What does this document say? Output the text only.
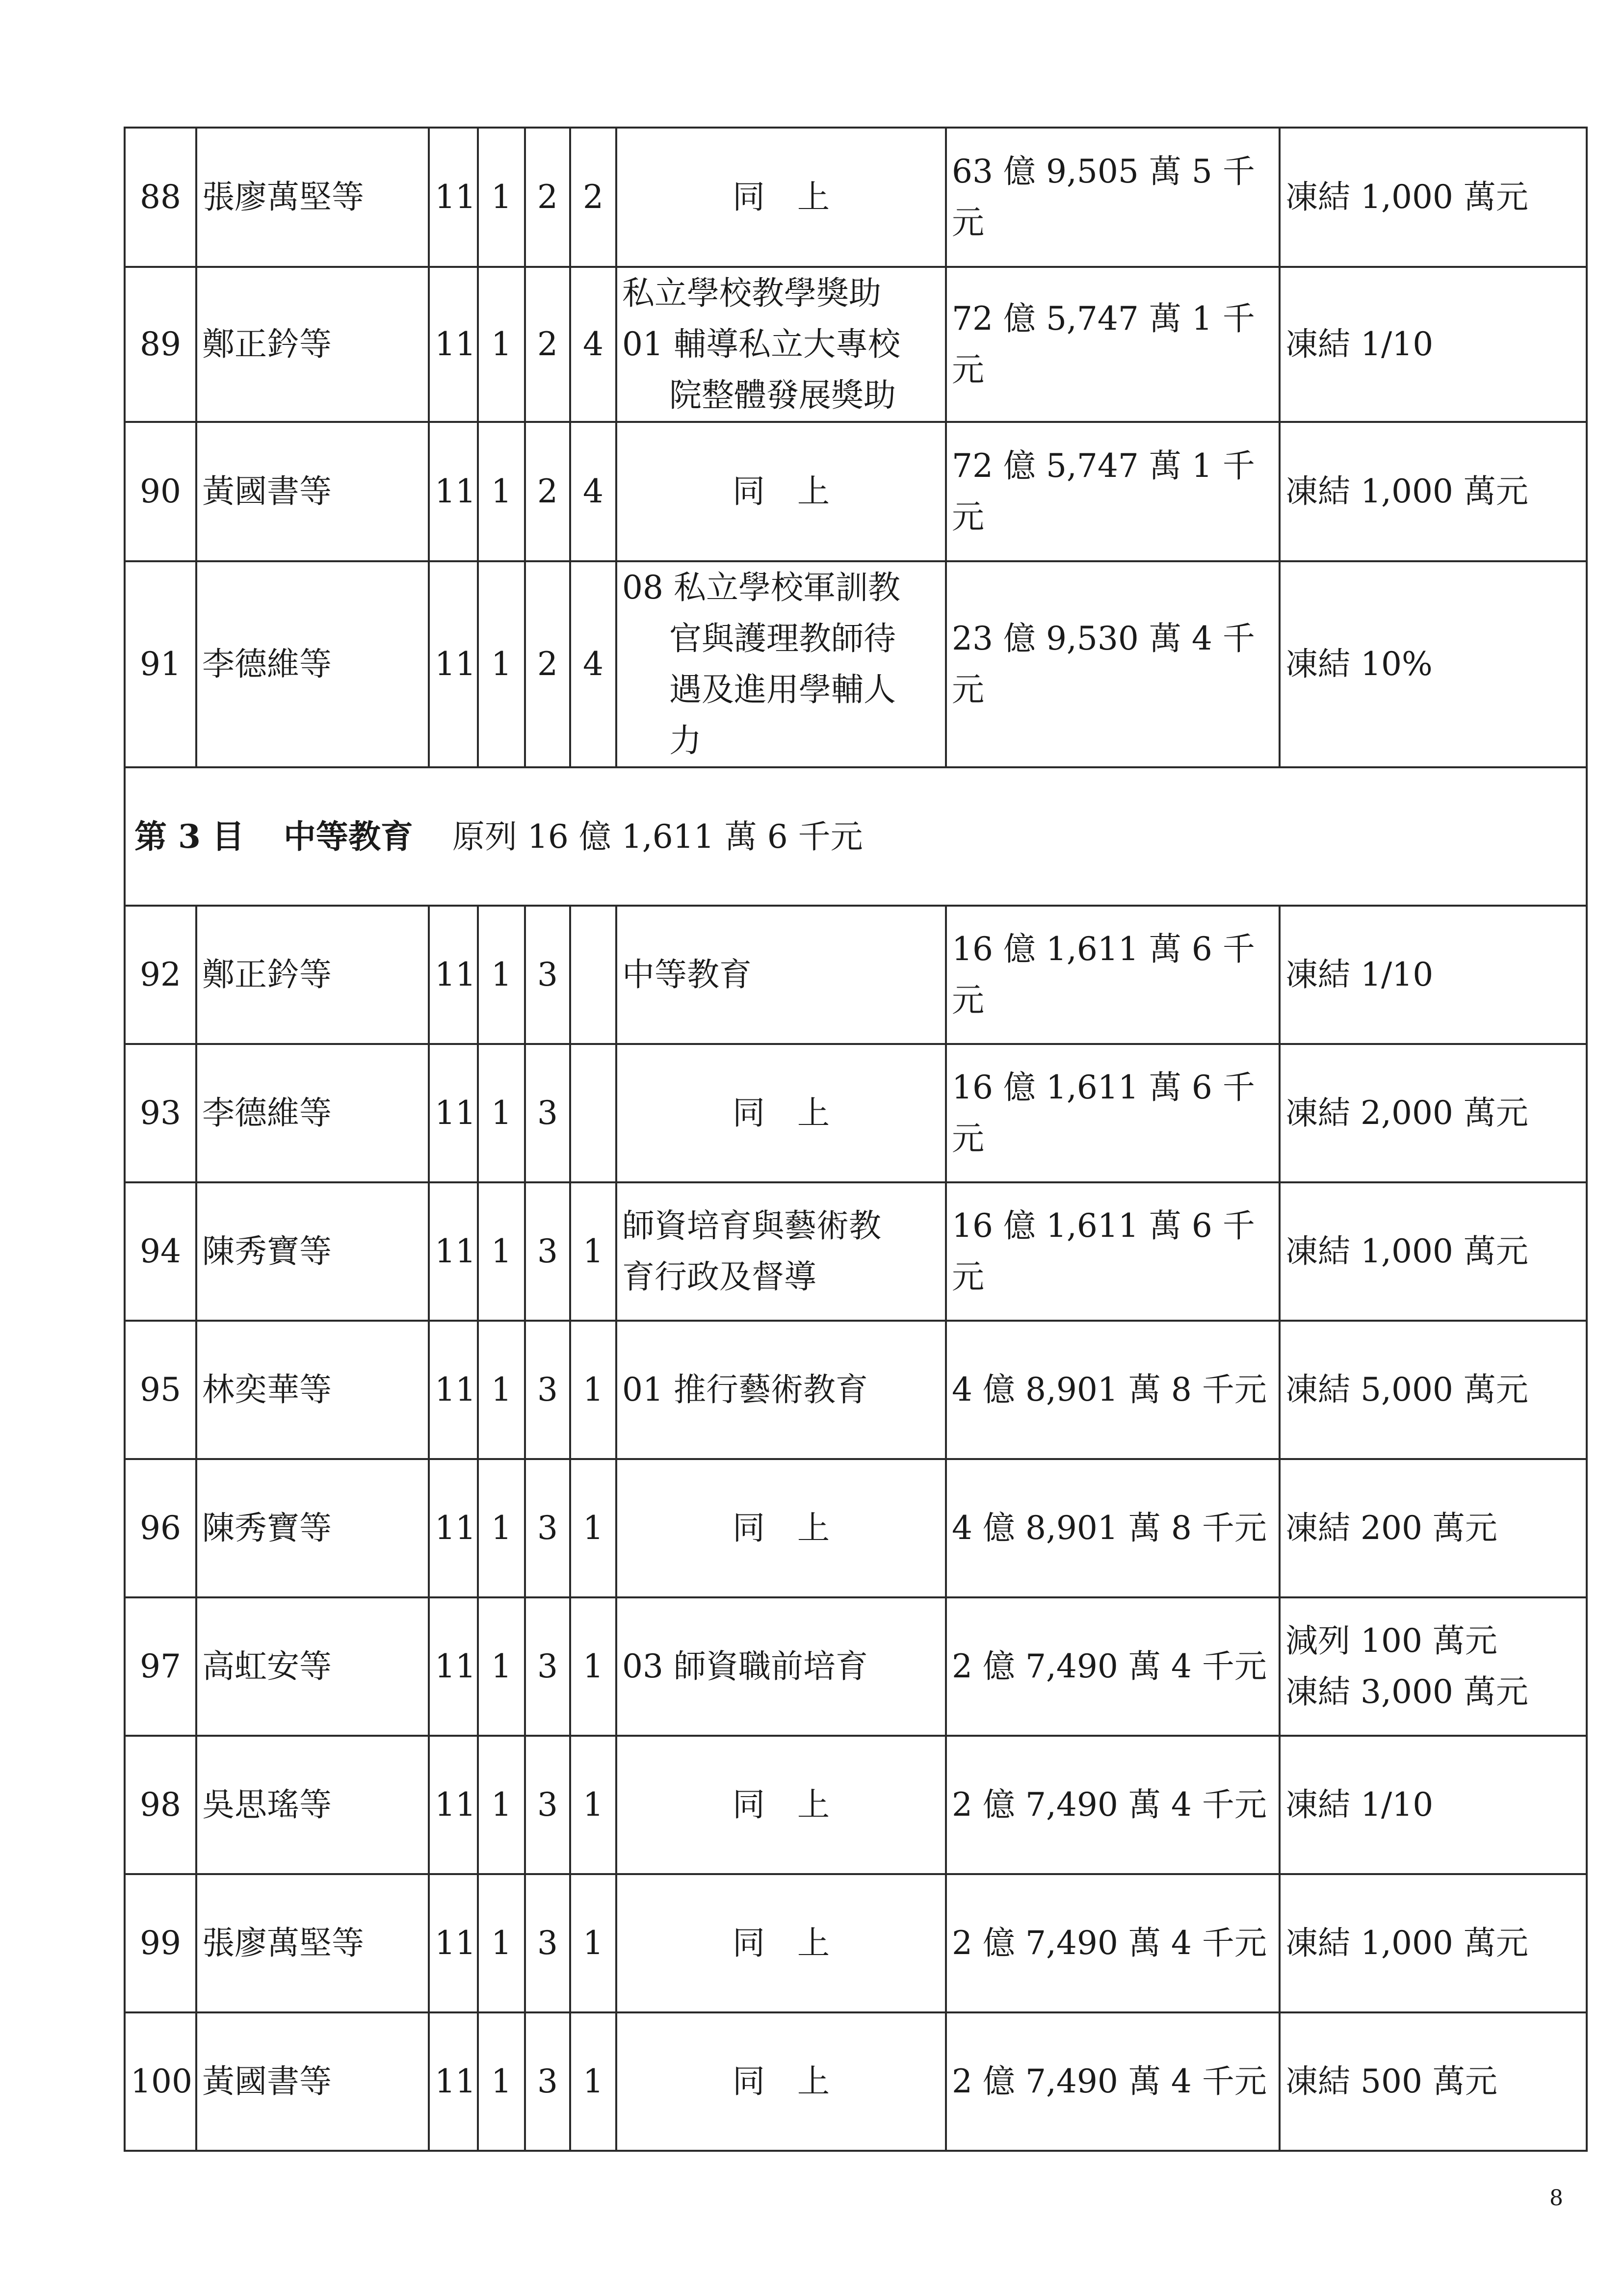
88	張廖萬堅等	11	1	2	2	同　上	63 億 9,505 萬 5 千元	凍結 1,000 萬元
89	鄭正鈐等	11	1	2	4	私立學校教學獎助
01 輔導私立大專校
院整體發展獎助	72 億 5,747 萬 1 千元	凍結 1/10
90	黃國書等	11	1	2	4	同　上	72 億 5,747 萬 1 千元	凍結 1,000 萬元
91	李德維等	11	1	2	4	08 私立學校軍訓教
官與護理教師待
遇及進用學輔人
力	23 億 9,530 萬 4 千元	凍結 10%
第 3 目 中等教育 原列 16 億 1,611 萬 6 千元								
92	鄭正鈐等	11	1	3		中等教育	16 億 1,611 萬 6 千元	凍結 1/10
93	李德維等	11	1	3		同　上	16 億 1,611 萬 6 千元	凍結 2,000 萬元
94	陳秀寶等	11	1	3	1	師資培育與藝術教
育行政及督導	16 億 1,611 萬 6 千元	凍結 1,000 萬元
95	林奕華等	11	1	3	1	01 推行藝術教育	4 億 8,901 萬 8 千元	凍結 5,000 萬元
96	陳秀寶等	11	1	3	1	同　上	4 億 8,901 萬 8 千元	凍結 200 萬元
97	高虹安等	11	1	3	1	03 師資職前培育	2 億 7,490 萬 4 千元	減列 100 萬元
凍結 3,000 萬元

98	吳思瑤等	11	1	3	1	同　上	2 億 7,490 萬 4 千元	凍結 1/10
99	張廖萬堅等	11	1	3	1	同　上	2 億 7,490 萬 4 千元	凍結 1,000 萬元
100	黃國書等	11	1	3	1	同　上	2 億 7,490 萬 4 千元	凍結 500 萬元
8
